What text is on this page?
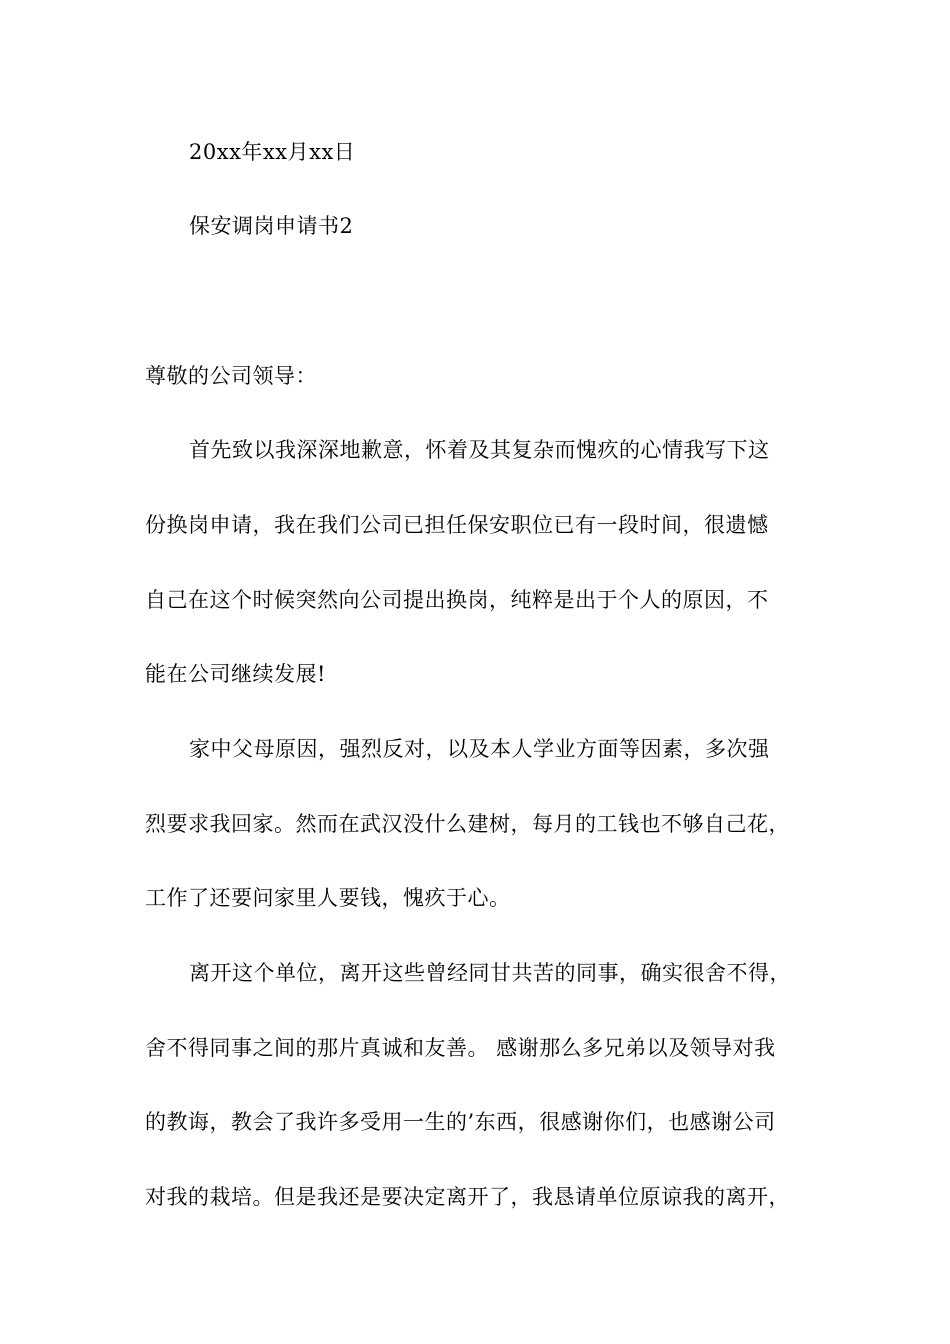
20xx年xx月xx日
保安调岗申请书2
尊敬的公司领导：
首先致以我深深地歉意，怀着及其复杂而愧疚的心情我写下这
份换岗申请，我在我们公司已担任保安职位已有一段时间，很遗憾
自己在这个时候突然向公司提出换岗，纯粹是出于个人的原因，不
能在公司继续发展!
家中父母原因，强烈反对，以及本人学业方面等因素，多次强
烈要求我回家。然而在武汉没什么建树，每月的工钱也不够自己花，
工作了还要问家里人要钱，愧疚于心。
离开这个单位，离开这些曾经同甘共苦的同事，确实很舍不得，
舍不得同事之间的那片真诚和友善。 感谢那么多兄弟以及领导对我
的教诲，教会了我许多受用一生的’东西，很感谢你们，也感谢公司
对我的栽培。但是我还是要决定离开了，我恳请单位原谅我的离开，
